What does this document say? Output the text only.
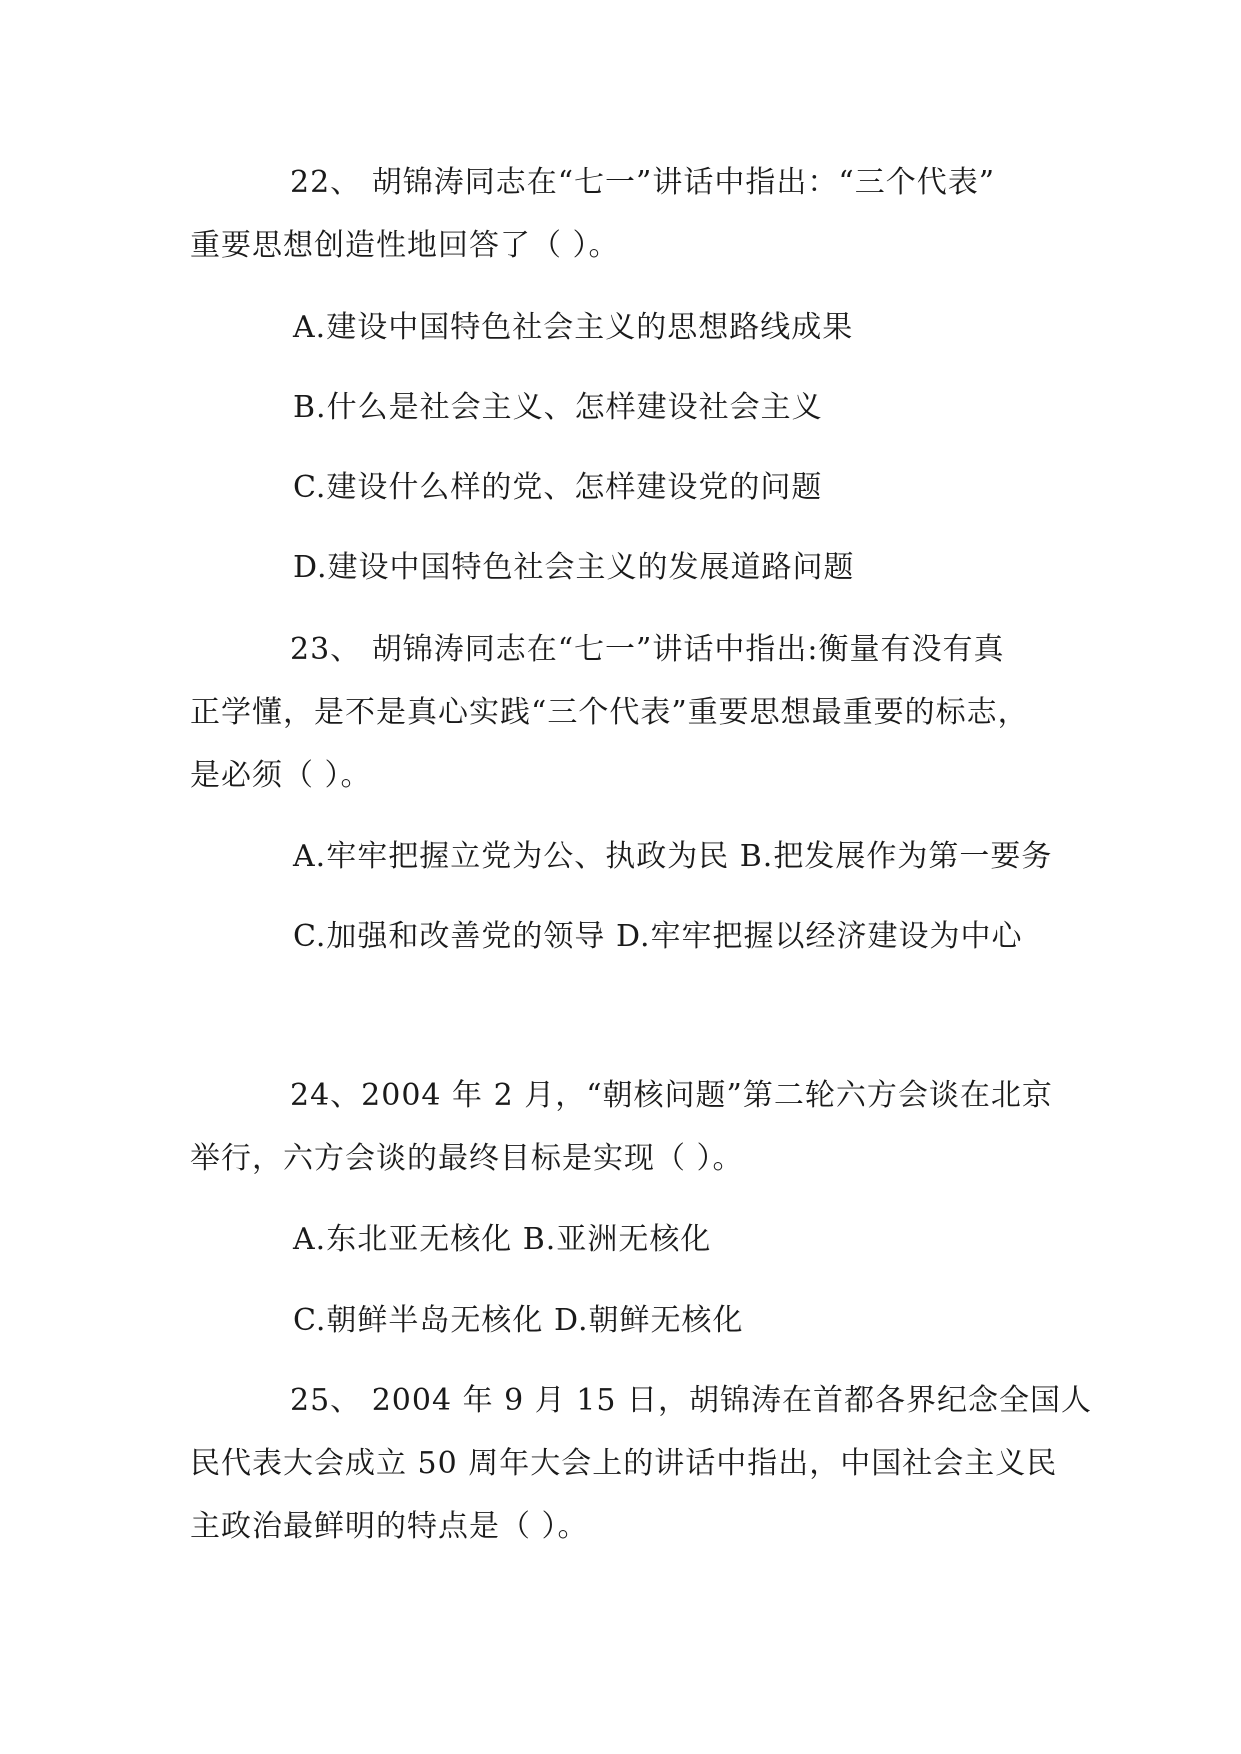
22、 胡锦涛同志在“七一”讲话中指出：“三个代表”
重要思想创造性地回答了（ ）。
A.建设中国特色社会主义的思想路线成果
B.什么是社会主义、怎样建设社会主义
C.建设什么样的党、怎样建设党的问题
D.建设中国特色社会主义的发展道路问题
23、 胡锦涛同志在“七一”讲话中指出:衡量有没有真
正学懂，是不是真心实践“三个代表”重要思想最重要的标志，
是必须（ ）。
A.牢牢把握立党为公、执政为民 B.把发展作为第一要务
C.加强和改善党的领导 D.牢牢把握以经济建设为中心
24、2004 年 2 月，“朝核问题”第二轮六方会谈在北京
举行，六方会谈的最终目标是实现（ ）。
A.东北亚无核化 B.亚洲无核化
C.朝鲜半岛无核化 D.朝鲜无核化
25、 2004 年 9 月 15 日，胡锦涛在首都各界纪念全国人
民代表大会成立 50 周年大会上的讲话中指出，中国社会主义民
主政治最鲜明的特点是（ ）。
